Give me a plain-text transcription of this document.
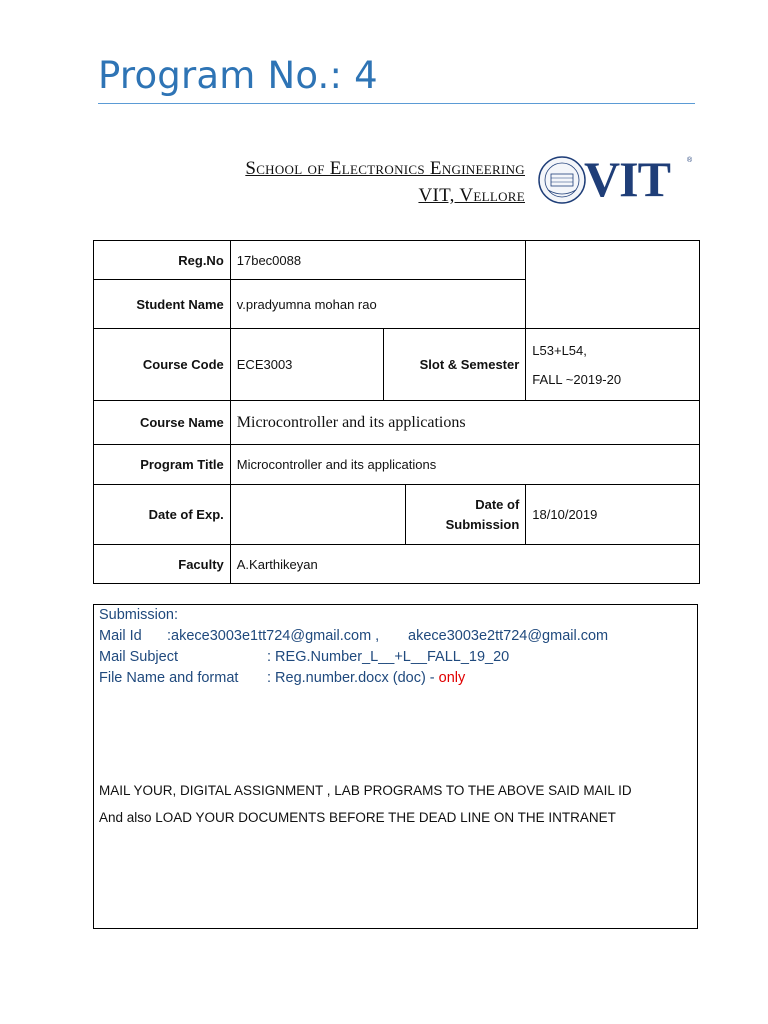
Program No.: 4
School of Electronics Engineering
VIT, Vellore VIT ®
Reg.No	17bec0088			
Student Name	v.pradyumna mohan rao			
Course Code	ECE3003	Slot & Semester		L53+L54,
FALL ~2019-20

Course Name	Microcontroller and its applications			
Program Title	Microcontroller and its applications			
Date of Exp.			Date of
Submission	18/10/2019
Faculty	A.Karthikeyan			
Submission:
Mail Id :akece3003e1tt724@gmail.com , akece3003e2tt724@gmail.com
Mail Subject	: REG.Number_L__+L__FALL_19_20
File Name and format : Reg.number.docx (doc) - only
MAIL YOUR, DIGITAL ASSIGNMENT , LAB PROGRAMS TO THE ABOVE SAID MAIL ID
And also LOAD YOUR DOCUMENTS BEFORE THE DEAD LINE ON THE INTRANET
